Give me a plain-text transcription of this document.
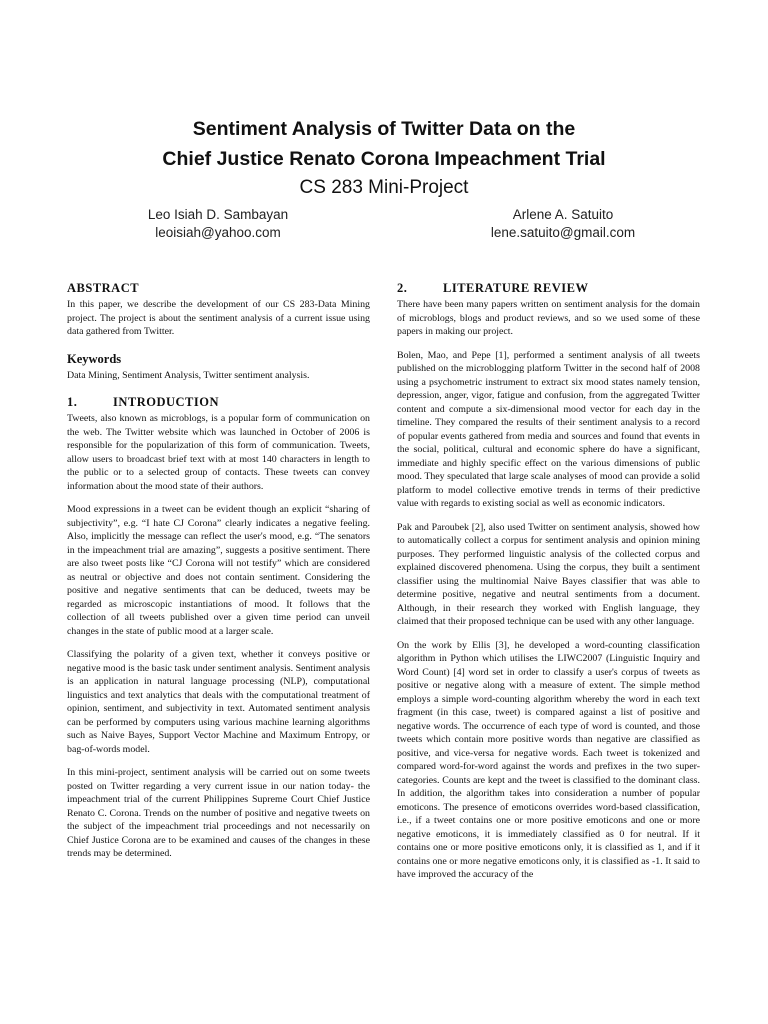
Sentiment Analysis of Twitter Data on the
Chief Justice Renato Corona Impeachment Trial
CS 283 Mini-Project
Leo Isiah D. Sambayan
leoisiah@yahoo.com
Arlene A. Satuito
lene.satuito@gmail.com
ABSTRACT

In this paper, we describe the development of our CS 283-Data Mining project. The project is about the sentiment analysis of a current issue using data gathered from Twitter.

Keywords

Data Mining, Sentiment Analysis, Twitter sentiment analysis.

1.	INTRODUCTION

Tweets, also known as microblogs, is a popular form of communication on the web. The Twitter website which was launched in October of 2006 is responsible for the popularization of this form of communication. Tweets, allow users to broadcast brief text with at most 140 characters in length to the public or to a selected group of contacts. These tweets can convey information about the mood state of their authors.

Mood expressions in a tweet can be evident though an explicit “sharing of subjectivity”, e.g. “I hate CJ Corona” clearly indicates a negative feeling. Also, implicitly the message can reflect the user's mood, e.g. “The senators in the impeachment trial are amazing”, suggests a positive sentiment. There are also tweet posts like “CJ Corona will not testify” which are considered as neutral or objective and does not contain sentiment. Considering the positive and negative sentiments that can be deduced, tweets may be regarded as microscopic instantiations of mood. It follows that the collection of all tweets published over a given time period can unveil changes in the state of public mood at a larger scale.

Classifying the polarity of a given text, whether it conveys positive or negative mood is the basic task under sentiment analysis. Sentiment analysis is an application in natural language processing (NLP), computational linguistics and text analytics that deals with the computational treatment of opinion, sentiment, and subjectivity in text. Automated sentiment analysis can be performed by computers using various machine learning algorithms such as Naive Bayes, Support Vector Machine and Maximum Entropy, or bag-of-words model.

In this mini-project, sentiment analysis will be carried out on some tweets posted on Twitter regarding a very current issue in our nation today- the impeachment trial of the current Philippines Supreme Court Chief Justice Renato C. Corona. Trends on the number of positive and negative tweets on the subject of the impeachment trial proceedings and not necessarily on Chief Justice Corona are to be examined and causes of the changes in these trends may be determined.

2.	LITERATURE REVIEW

There have been many papers written on sentiment analysis for the domain of microblogs, blogs and product reviews, and so we used some of these papers in making our project.

Bolen, Mao, and Pepe [1], performed a sentiment analysis of all tweets published on the microblogging platform Twitter in the second half of 2008 using a psychometric instrument to extract six mood states namely tension, depression, anger, vigor, fatigue and confusion, from the aggregated Twitter content and compute a six-dimensional mood vector for each day in the timeline. They compared the results of their sentiment analysis to a record of popular events gathered from media and sources and found that events in the social, political, cultural and economic sphere do have a significant, immediate and highly specific effect on the various dimensions of public mood. They speculated that large scale analyses of mood can provide a solid platform to model collective emotive trends in terms of their predictive value with regards to existing social as well as economic indicators.

Pak and Paroubek [2], also used Twitter on sentiment analysis, showed how to automatically collect a corpus for sentiment analysis and opinion mining purposes. They performed linguistic analysis of the collected corpus and explained discovered phenomena. Using the corpus, they built a sentiment classifier using the multinomial Naive Bayes classifier that was able to determine positive, negative and neutral sentiments from a document. Although, in their research they worked with English language, they claimed that their proposed technique can be used with any other language.

On the work by Ellis [3], he developed a word-counting classification algorithm in Python which utilises the LIWC2007 (Linguistic Inquiry and Word Count) [4] word set in order to classify a user's corpus of tweets as positive or negative along with a measure of extent. The simple method employs a simple word-counting algorithm whereby the word in each text fragment (in this case, tweet) is compared against a list of positive and negative words. The occurrence of each type of word is counted, and those tweets which contain more positive words than negative are classified as positive, and vice-versa for negative words. Each tweet is tokenized and compared word-for-word against the words and prefixes in the two super-categories. Counts are kept and the tweet is classified to the dominant class. In addition, the algorithm takes into consideration a number of popular emoticons. The presence of emoticons overrides word-based classification, i.e., if a tweet contains one or more positive emoticons and one or more negative emoticons, it is immediately classified as 0 for neutral. If it contains one or more positive emoticons only, it is classified as 1, and if it contains one or more negative emoticons only, it is classified as -1. It said to have improved the accuracy of the
